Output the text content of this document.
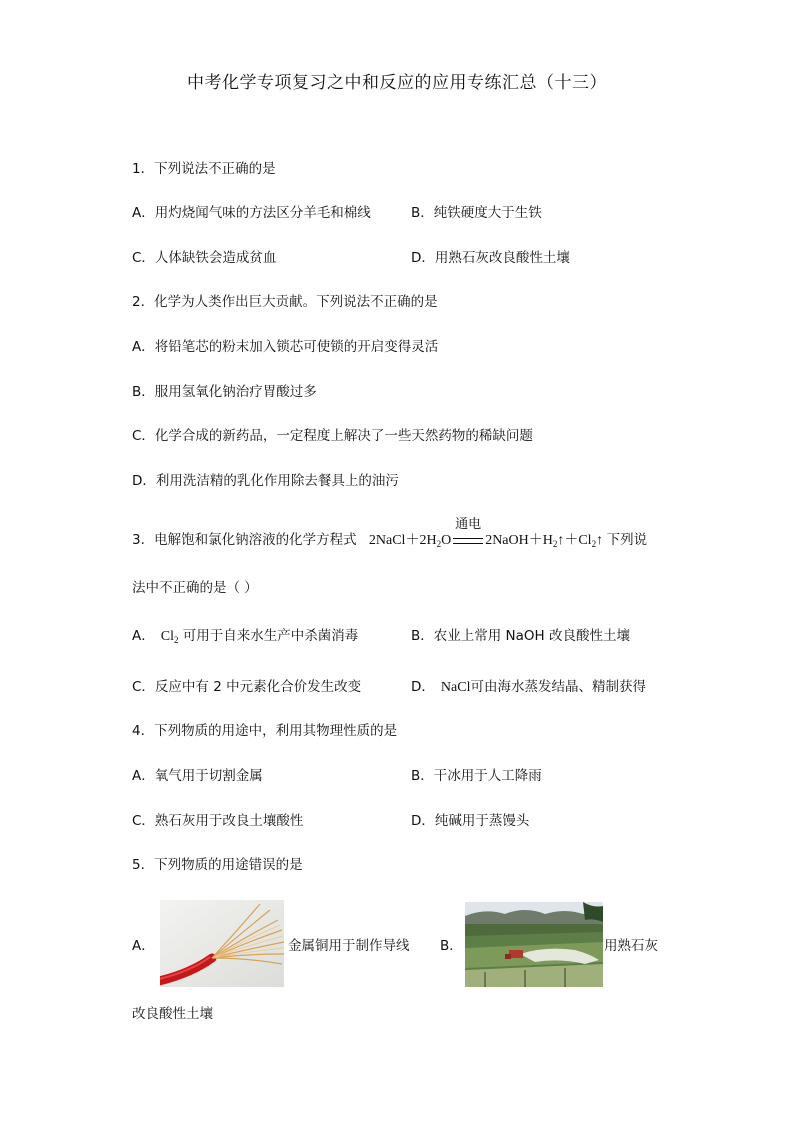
中考化学专项复习之中和反应的应用专练汇总（十三）
1．下列说法不正确的是
A．用灼烧闻气味的方法区分羊毛和棉线	B．纯铁硬度大于生铁
C．人体缺铁会造成贫血	D．用熟石灰改良酸性土壤
2．化学为人类作出巨大贡献。下列说法不正确的是
A．将铅笔芯的粉末加入锁芯可使锁的开启变得灵活
B．服用氢氧化钠治疗胃酸过多
C．化学合成的新药品，一定程度上解决了一些天然药物的稀缺问题
D．利用洗洁精的乳化作用除去餐具上的油污
3．电解饱和氯化钠溶液的化学方程式 $2NaCl+2H_2O$
通电
$2NaOH+H_2↑+Cl_2↑$ 下列说
法中不正确的是（ ）
A． $Cl_2$ 可用于自来水生产中杀菌消毒	B．农业上常用 NaOH 改良酸性土壤
C．反应中有 2 中元素化合价发生改变	D． NaCl可由海水蒸发结晶、精制获得
4．下列物质的用途中，利用其物理性质的是
A．氧气用于切割金属	B．干冰用于人工降雨
C．熟石灰用于改良土壤酸性	D．纯碱用于蒸馒头
5．下列物质的用途错误的是
A．	金属铜用于制作导线 B．	用熟石灰
改良酸性土壤
